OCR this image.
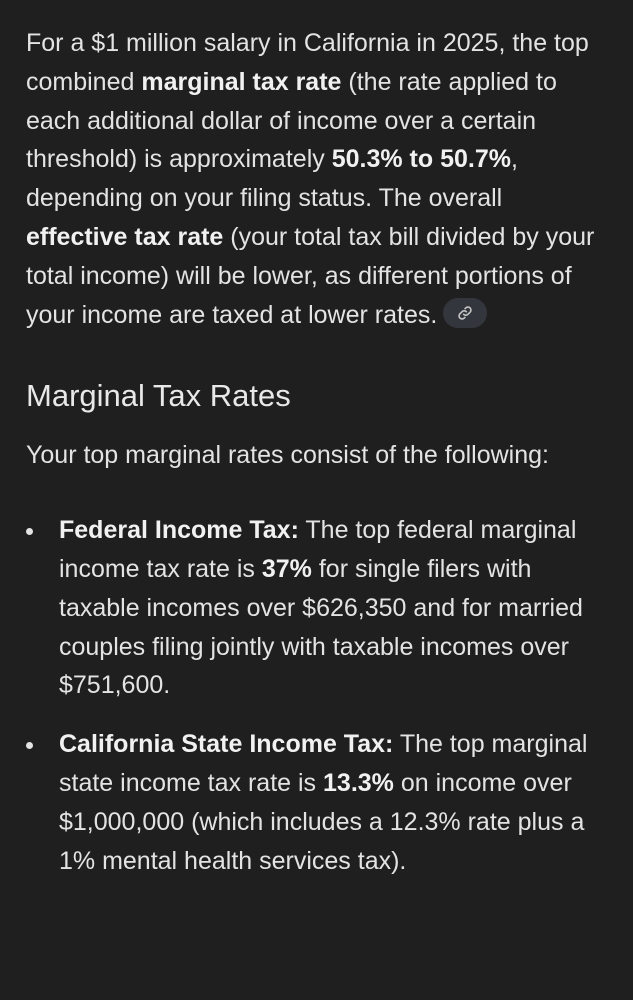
For a $1 million salary in California in 2025, the top combined marginal tax rate (the rate applied to each additional dollar of income over a certain threshold) is approximately 50.3% to 50.7%, depending on your filing status. The overall effective tax rate (your total tax bill divided by your total income) will be lower, as different portions of your income are taxed at lower rates.

Marginal Tax Rates

Your top marginal rates consist of the following:

Federal Income Tax: The top federal marginal income tax rate is 37% for single filers with taxable incomes over $626,350 and for married couples filing jointly with taxable incomes over $751,600.
California State Income Tax: The top marginal state income tax rate is 13.3% on income over $1,000,000 (which includes a 12.3% rate plus a 1% mental health services tax).
